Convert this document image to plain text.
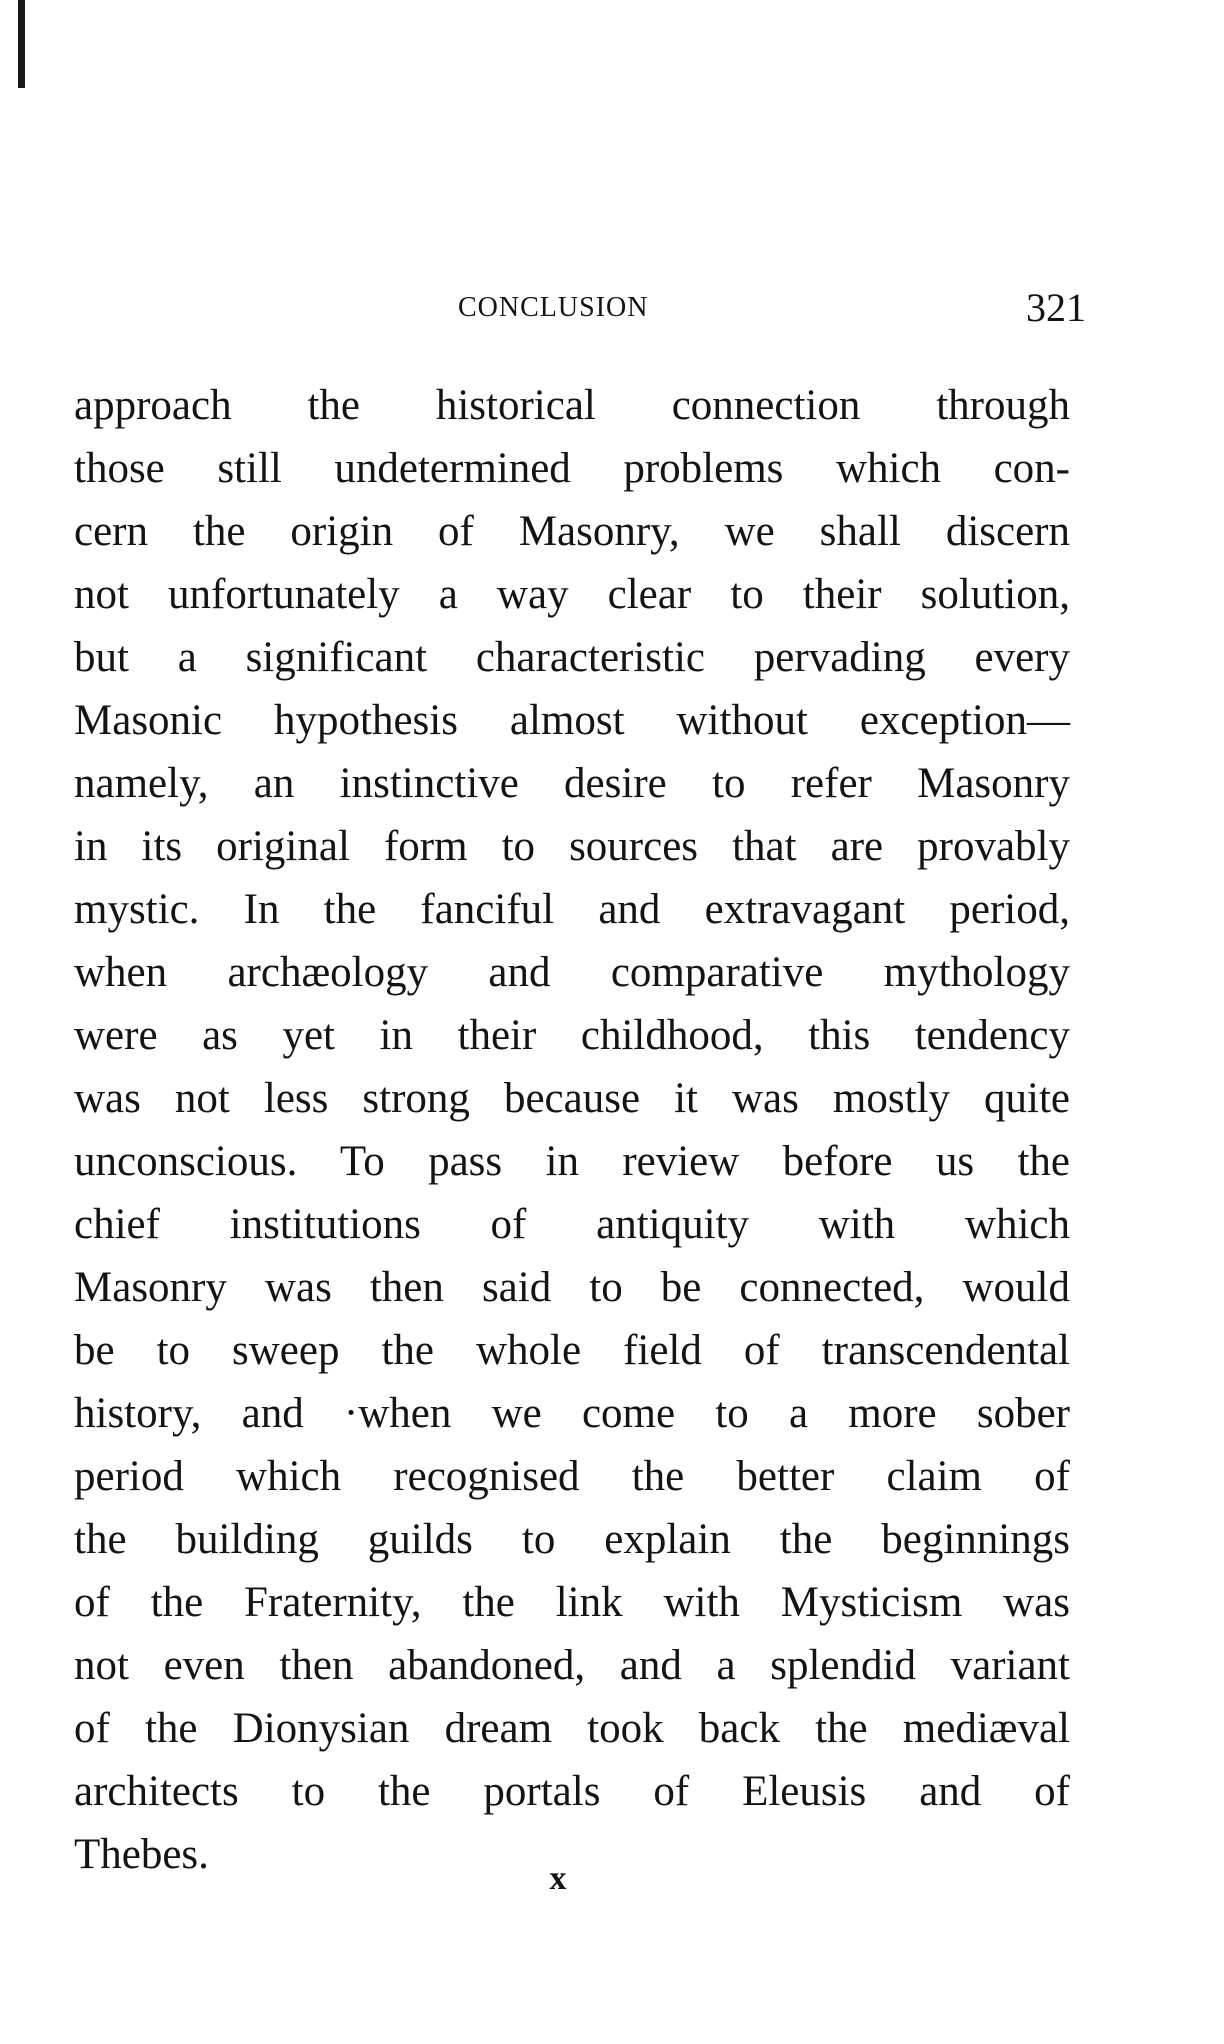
CONCLUSION	321
approach the historical connection through
those still undetermined problems which con-
cern the origin of Masonry, we shall discern
not unfortunately a way clear to their solution,
but a significant characteristic pervading every
Masonic hypothesis almost without exception—
namely, an instinctive desire to refer Masonry
in its original form to sources that are provably
mystic. In the fanciful and extravagant period,
when archæology and comparative mythology
were as yet in their childhood, this tendency
was not less strong because it was mostly quite
unconscious. To pass in review before us the
chief institutions of antiquity with which
Masonry was then said to be connected, would
be to sweep the whole field of transcendental
history, and ·when we come to a more sober
period which recognised the better claim of
the building guilds to explain the beginnings
of the Fraternity, the link with Mysticism was
not even then abandoned, and a splendid variant
of the Dionysian dream took back the mediæval
architects to the portals of Eleusis and of
Thebes.
x
